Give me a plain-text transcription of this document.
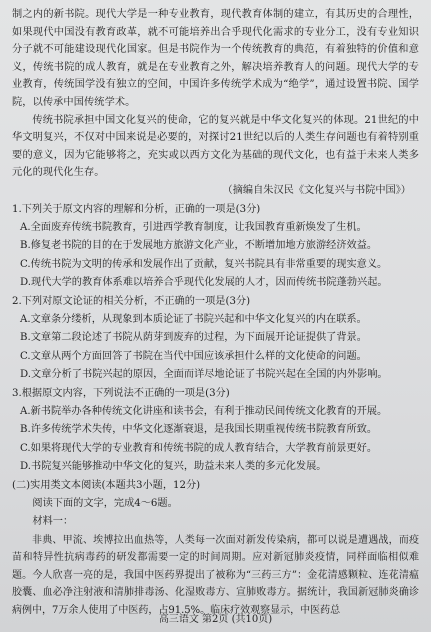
制之内的新书院。现代大学是一种专业教育，现代教育体制的建立，有其历史的合理性，如果现代中国没有教育政革，就不可能培养出合乎现代化需求的专业分工，没有专业知识分子就不可能建设现代化国家。但是书院作为一个传统教育的典范，有着独特的价值和意义，传统书院的成人教育，就是在专业教育之外，解决培养教育人的问题。现代大学的专业教育，传统国学没有独立的空间，中国许多传统学术成为“绝学”，通过设置书院、国学院，以传承中国传统学术。

传统书院承担中国文化复兴的使命，它的复兴就是中华文化复兴的体现。21世纪的中华文明复兴，不仅对中国来说是必要的，对探讨21世纪以后的人类生存问题也有着特别重要的意义，因为它能够将之，充实或以西方文化为基础的现代文化，也有益于未来人类多元化的现代化生存。

（摘编自朱汉民《文化复兴与书院中国》）

1.下列关于原文内容的理解和分析，正确的一项是(3分)

A.全面废弃传统书院教育，引进西学教育制度，让我国教育重新焕发了生机。

B.修复老书院的目的在于发展地方旅游文化产业，不断增加地方旅游经济效益。

C.传统书院为文明的传承和发展作出了贡献，复兴书院具有非常重要的现实意义。

D.现代大学的教育体系难以培养合乎现代化发展的人才，因而传统书院蓬勃兴起。

2.下列对原文论证的相关分析，不正确的一项是(3分)

A.文章条分缕析，从现象到本质论证了书院兴起和中华文化复兴的内在联系。

B.文章第二段论述了书院从荫芽到废弃的过程，为下面展开论证提供了背景。

C.文章从两个方面回答了书院在当代中国应该承担什么样的文化使命的问题。

D.文章分析了书院兴起的原因，全面而详尽地论证了书院兴起在全国的内外影响。

3.根据原文内容，下列说法不正确的一项是(3分)

A.新书院举办各种传统文化讲座和读书会，有利于推动民间传统文化教育的开展。

B.许多传统学术失传，中华文化逐渐衰退，是我国长期重视传统书院教育所致。

C.如果将现代大学的专业教育和传统书院的成人教育结合，大学教育前景更好。

D.书院复兴能够推动中华文化的复兴，助益未来人类的多元化发展。

(二)实用类文本阅读(本题共3小题，12分)

阅读下面的文字，完成4～6题。

材料一：

非典、甲流、埃博拉出血热等，人类每一次面对新发传染病，都可以说是遭遇战，而疫苗和特异性抗病毒药的研发都需要一定的时间周期。应对新冠肺炎疫情，同样面临相似难题。今人欣喜一亮的是，我国中医药界提出了被称为“三药三方”：金花清感颗粒、连花清瘟胶囊、血必净注射液和清肺排毒汤、化湿败毒方、宣肺败毒方。据统计，我国新冠肺炎确诊病例中，7万余人使用了中医药，占91.5%。临床疗效观察显示，中医药总

高三语文 第2页 (共10页)
